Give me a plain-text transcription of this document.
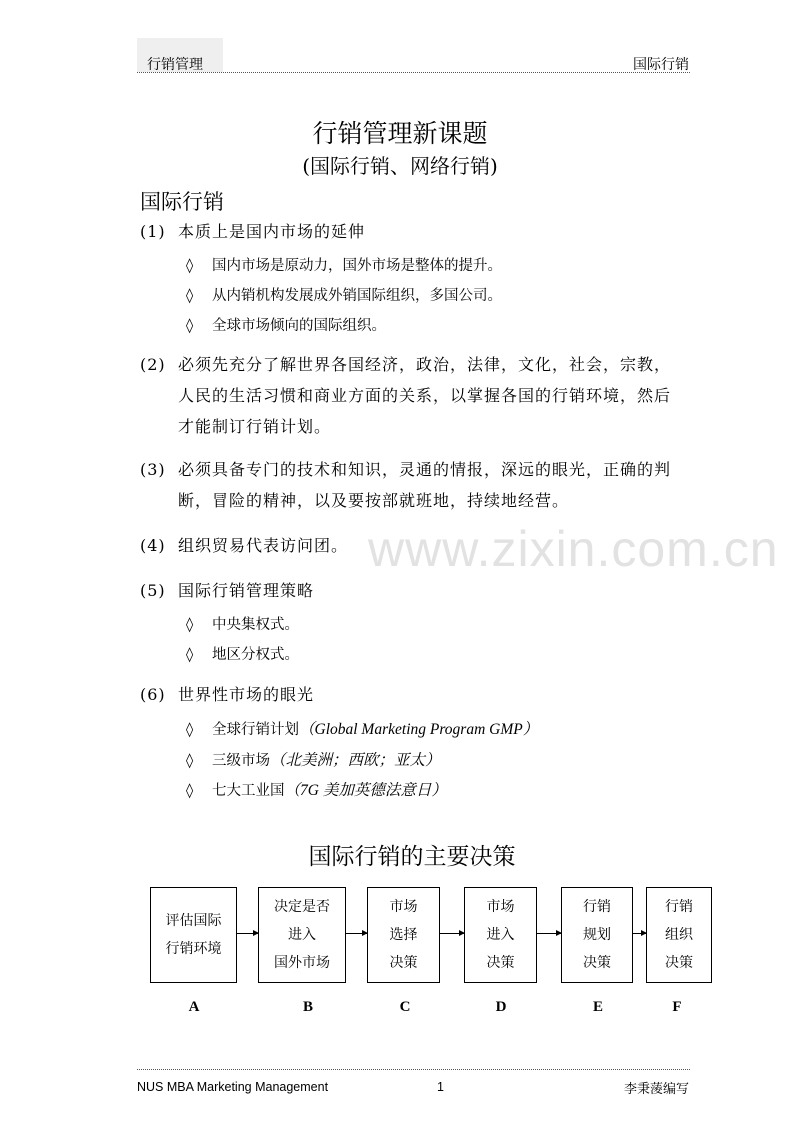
行销管理	国际行销
行销管理新课题
(国际行销、网络行销)
国际行销
(1) 本质上是国内市场的延伸
◊ 国内市场是原动力，国外市场是整体的提升。
◊ 从内销机构发展成外销国际组织，多国公司。
◊ 全球市场倾向的国际组织。
(2) 必须先充分了解世界各国经济，政治，法律，文化，社会，宗教，人民的生活习惯和商业方面的关系，以掌握各国的行销环境，然后才能制订行销计划。
(3) 必须具备专门的技术和知识，灵通的情报，深远的眼光，正确的判断，冒险的精神，以及要按部就班地，持续地经营。
(4) 组织贸易代表访问团。
(5) 国际行销管理策略
◊ 中央集权式。
◊ 地区分权式。
(6) 世界性市场的眼光
◊ 全球行销计划（Global Marketing Program GMP）
◊ 三级市场（北美洲；西欧；亚太）
◊ 七大工业国（7G 美加英德法意日）
www.zixin.com.cn
国际行销的主要决策
评估国际
行销环境
决定是否
进入
国外市场
市场
选择
决策
市场
进入
决策
行销
规划
决策
行销
组织
决策
A	B	C	D	E	F
NUS MBA Marketing Management	1	李秉蔆编写
